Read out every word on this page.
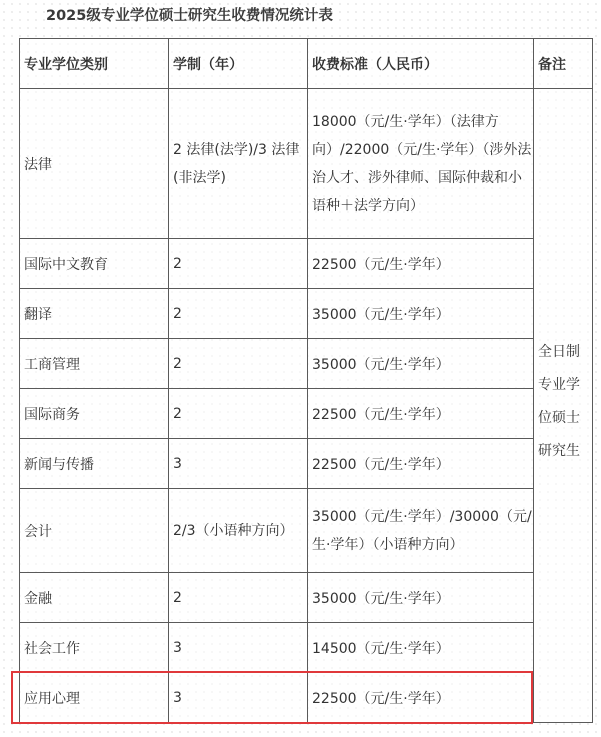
2025级专业学位硕士研究生收费情况统计表
专业学位类别	学制（年）	收费标准（人民币）	备注
法律	2 法律(法学)/3 法律(非法学)	18000（元/生·学年）（法律方向）/22000（元/生·学年）（涉外法治人才、涉外律师、国际仲裁和小语种＋法学方向）	全日制专业学位硕士研究生

国际中文教育	2	22500（元/生·学年）	
翻译	2	35000（元/生·学年）	
工商管理	2	35000（元/生·学年）	
国际商务	2	22500（元/生·学年）	
新闻与传播	3	22500（元/生·学年）	
会计	2/3（小语种方向）	35000（元/生·学年）/30000（元/生·学年）（小语种方向）	
金融	2	35000（元/生·学年）	
社会工作	3	14500（元/生·学年）	
应用心理	3	22500（元/生·学年）	
